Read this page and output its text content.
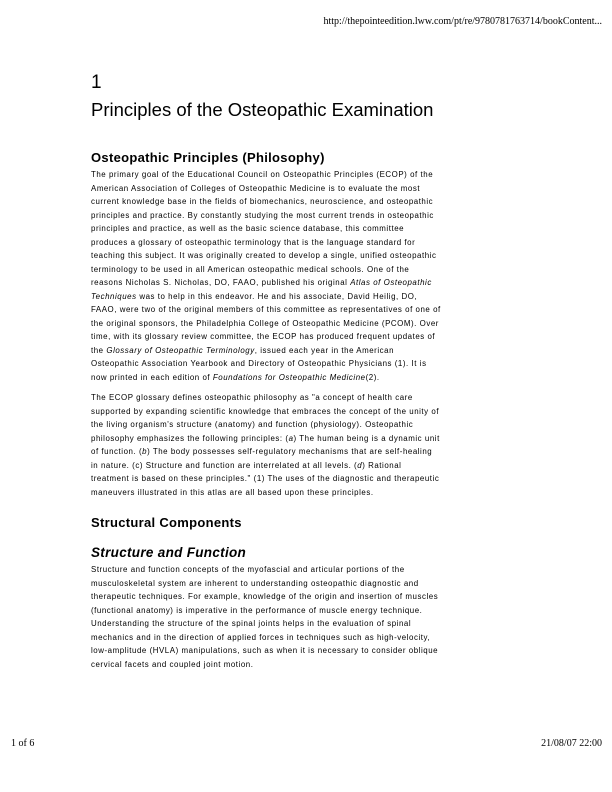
http://thepointeedition.lww.com/pt/re/9780781763714/bookContent...
1
Principles of the Osteopathic Examination
Osteopathic Principles (Philosophy)

The primary goal of the Educational Council on Osteopathic Principles (ECOP) of the
American Association of Colleges of Osteopathic Medicine is to evaluate the most
current knowledge base in the fields of biomechanics, neuroscience, and osteopathic
principles and practice. By constantly studying the most current trends in osteopathic
principles and practice, as well as the basic science database, this committee
produces a glossary of osteopathic terminology that is the language standard for
teaching this subject. It was originally created to develop a single, unified osteopathic
terminology to be used in all American osteopathic medical schools. One of the
reasons Nicholas S. Nicholas, DO, FAAO, published his original Atlas of Osteopathic
Techniques was to help in this endeavor. He and his associate, David Heilig, DO,
FAAO, were two of the original members of this committee as representatives of one of
the original sponsors, the Philadelphia College of Osteopathic Medicine (PCOM). Over
time, with its glossary review committee, the ECOP has produced frequent updates of
the Glossary of Osteopathic Terminology, issued each year in the American
Osteopathic Association Yearbook and Directory of Osteopathic Physicians (1). It is
now printed in each edition of Foundations for Osteopathic Medicine(2).

The ECOP glossary defines osteopathic philosophy as "a concept of health care
supported by expanding scientific knowledge that embraces the concept of the unity of
the living organism's structure (anatomy) and function (physiology). Osteopathic
philosophy emphasizes the following principles: (a) The human being is a dynamic unit
of function. (b) The body possesses self-regulatory mechanisms that are self-healing
in nature. (c) Structure and function are interrelated at all levels. (d) Rational
treatment is based on these principles." (1) The uses of the diagnostic and therapeutic
maneuvers illustrated in this atlas are all based upon these principles.

Structural Components
Structure and Function

Structure and function concepts of the myofascial and articular portions of the
musculoskeletal system are inherent to understanding osteopathic diagnostic and
therapeutic techniques. For example, knowledge of the origin and insertion of muscles
(functional anatomy) is imperative in the performance of muscle energy technique.
Understanding the structure of the spinal joints helps in the evaluation of spinal
mechanics and in the direction of applied forces in techniques such as high-velocity,
low-amplitude (HVLA) manipulations, such as when it is necessary to consider oblique
cervical facets and coupled joint motion.

1 of 6	21/08/07 22:00
